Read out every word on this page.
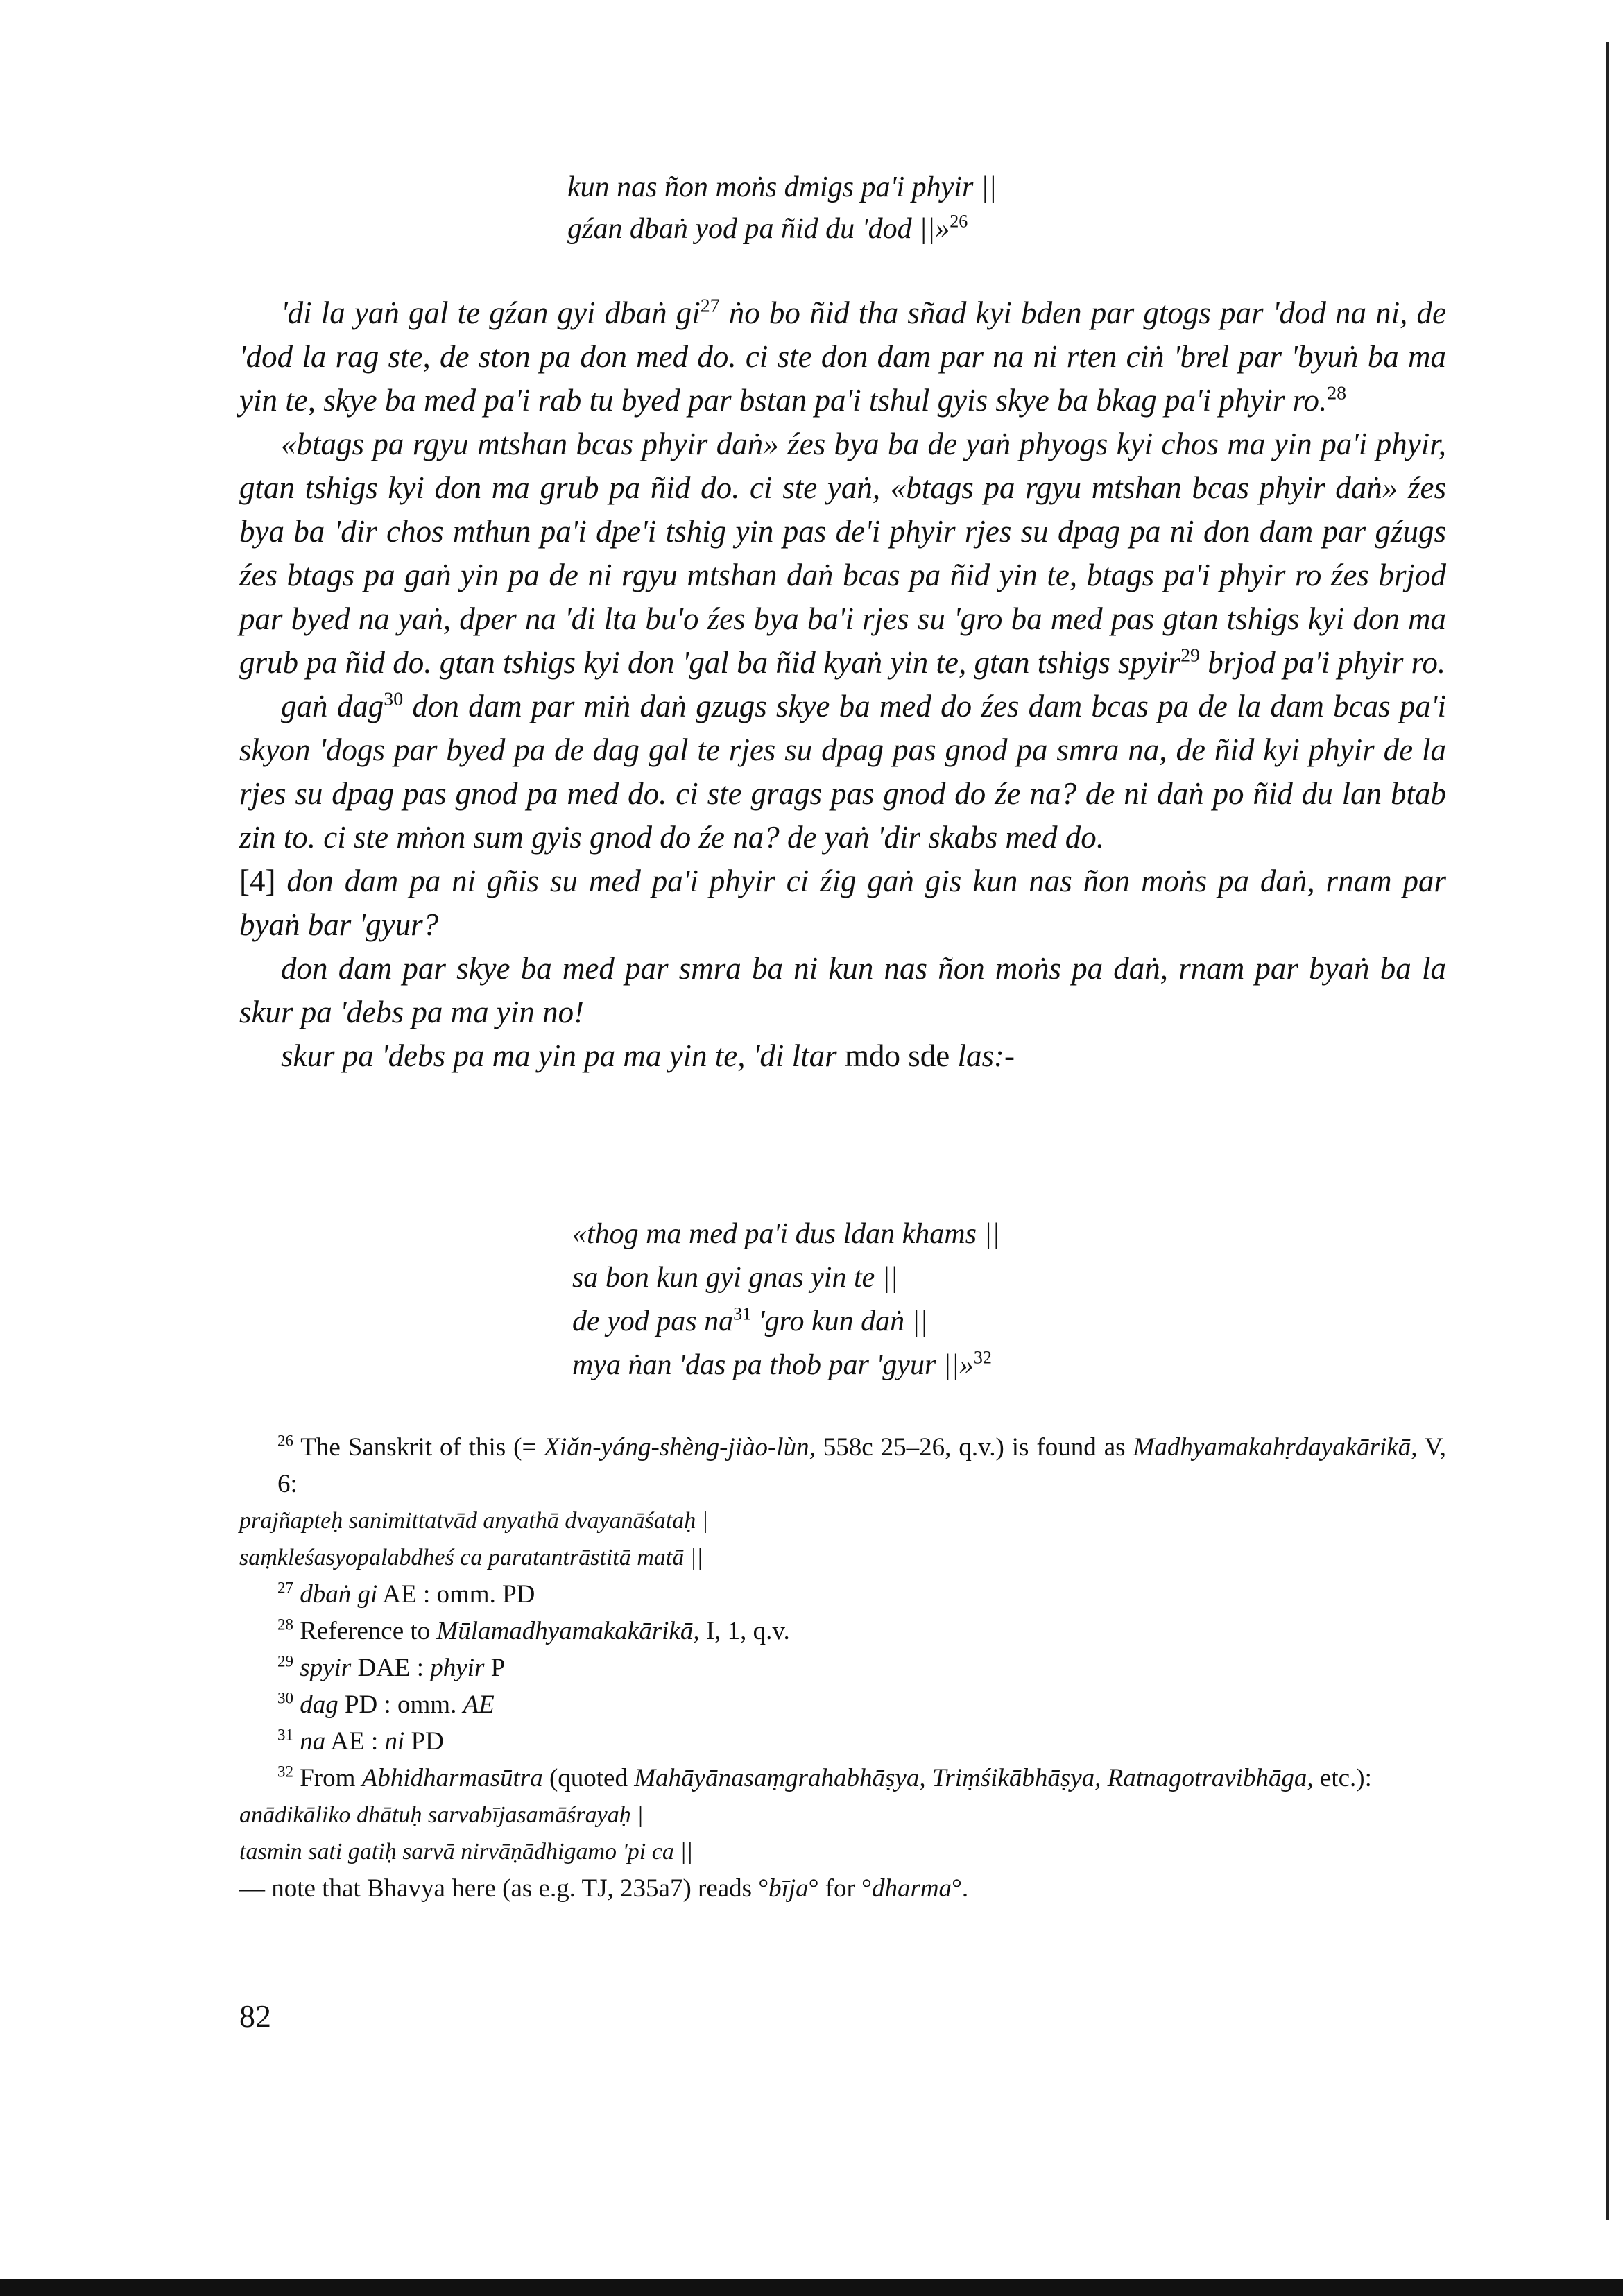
kun nas ñon moṅs dmigs pa'i phyir ||
gźan dbaṅ yod pa ñid du 'dod ||»$^{26}$

'di la yaṅ gal te gźan gyi dbaṅ $gi^{27}$ ṅo bo ñid tha sñad kyi bden par gtogs par 'dod na ni, de 'dod la rag ste, de ston pa don med do. ci ste don dam par na ni rten ciṅ 'brel par 'byuṅ ba ma yin te, skye ba med pa'i rab tu byed par bstan pa'i tshul gyis skye ba bkag pa'i phyir ro.$^{28}$

«btags pa rgyu mtshan bcas phyir daṅ» źes bya ba de yaṅ phyogs kyi chos ma yin pa'i phyir, gtan tshigs kyi don ma grub pa ñid do. ci ste yaṅ, «btags pa rgyu mtshan bcas phyir daṅ» źes bya ba 'dir chos mthun pa'i dpe'i tshig yin pas de'i phyir rjes su dpag pa ni don dam par gźugs źes btags pa gaṅ yin pa de ni rgyu mtshan daṅ bcas pa ñid yin te, btags pa'i phyir ro źes brjod par byed na yaṅ, dper na 'di lta bu'o źes bya ba'i rjes su 'gro ba med pas gtan tshigs kyi don ma grub pa ñid do. gtan tshigs kyi don 'gal ba ñid kyaṅ yin te, gtan tshigs spyir$^{29}$ brjod pa'i phyir ro.

gaṅ dag$^{30}$ don dam par miṅ daṅ gzugs skye ba med do źes dam bcas pa de la dam bcas pa'i skyon 'dogs par byed pa de dag gal te rjes su dpag pas gnod pa smra na, de ñid kyi phyir de la rjes su dpag pas gnod pa med do. ci ste grags pas gnod do źe na? de ni daṅ po ñid du lan btab zin to. ci ste mṅon sum gyis gnod do źe na? de yaṅ 'dir skabs med do.

[4] don dam pa ni gñis su med pa'i phyir ci źig gaṅ gis kun nas ñon moṅs pa daṅ, rnam par byaṅ bar 'gyur?

don dam par skye ba med par smra ba ni kun nas ñon moṅs pa daṅ, rnam par byaṅ ba la skur pa 'debs pa ma yin no!

skur pa 'debs pa ma yin pa ma yin te, 'di ltar mdo sde las:-

«thog ma med pa'i dus ldan khams ||
sa bon kun gyi gnas yin te ||
de yod pas $na^{31}$ 'gro kun daṅ ||
mya ṅan 'das pa thob par 'gyur ||»$^{32}$

$^{26}$ The Sanskrit of this (= Xiǎn-yáng-shèng-jiào-lùn, 558c 25–26, q.v.) is found as Madhyamakahṛdayakārikā, V, 6:

prajñapteḥ sanimittatvād anyathā dvayanāśataḥ |

saṃkleśasyopalabdheś ca paratantrāstitā matā ||

$^{27}$ dbaṅ gi AE : omm. PD

$^{28}$ Reference to Mūlamadhyamakakārikā, I, 1, q.v.

$^{29}$ spyir DAE : phyir P

$^{30}$ dag PD : omm. AE

$^{31}$ na AE : ni PD

$^{32}$ From Abhidharmasūtra (quoted Mahāyānasaṃgrahabhāṣya, Triṃśikābhāṣya, Ratnagotravibhāga, etc.):

anādikāliko dhātuḥ sarvabījasamāśrayaḥ |

tasmin sati gatiḥ sarvā nirvāṇādhigamo 'pi ca ||

— note that Bhavya here (as e.g. TJ, 235a7) reads °bīja° for °dharma°.

82
